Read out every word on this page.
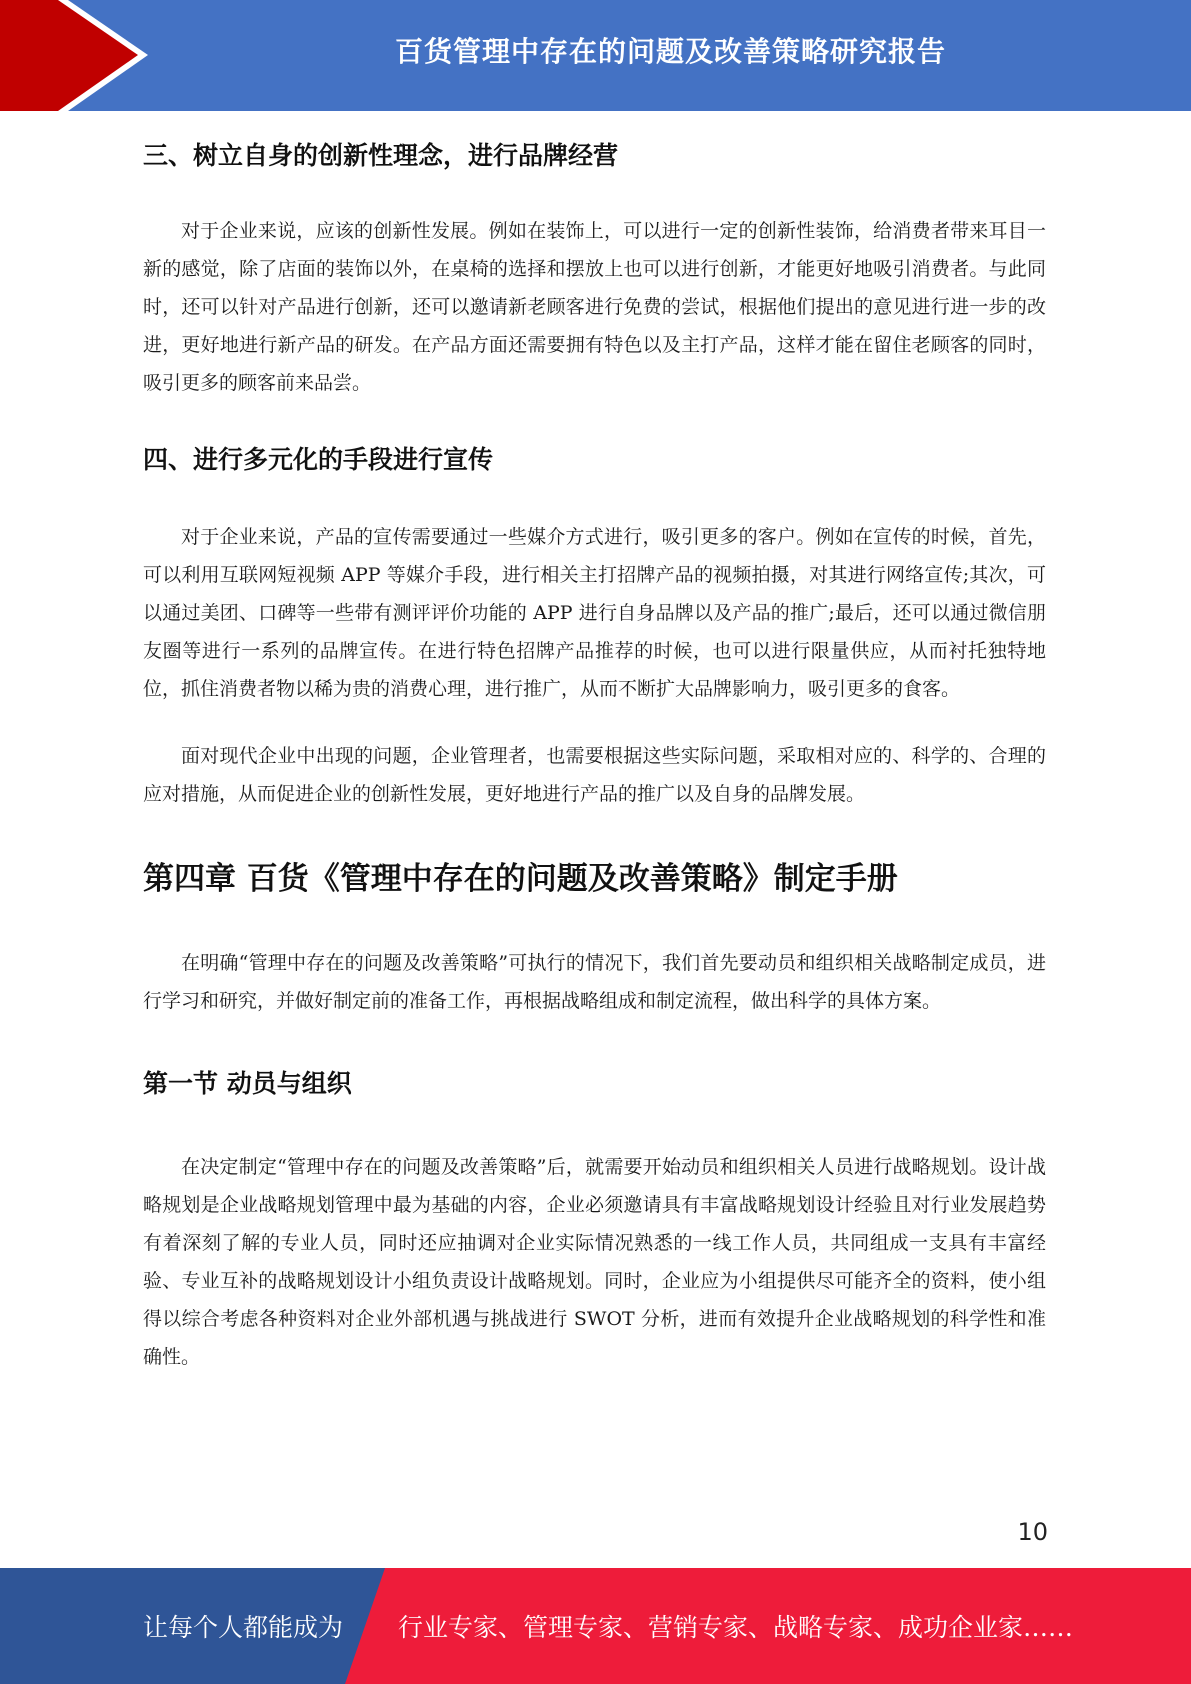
百货管理中存在的问题及改善策略研究报告
三、树立自身的创新性理念，进行品牌经营

对于企业来说，应该的创新性发展。例如在装饰上，可以进行一定的创新性装饰，给消费者带来耳目一新的感觉，除了店面的装饰以外，在桌椅的选择和摆放上也可以进行创新，才能更好地吸引消费者。与此同时，还可以针对产品进行创新，还可以邀请新老顾客进行免费的尝试，根据他们提出的意见进行进一步的改进，更好地进行新产品的研发。在产品方面还需要拥有特色以及主打产品，这样才能在留住老顾客的同时，吸引更多的顾客前来品尝。

四、进行多元化的手段进行宣传

对于企业来说，产品的宣传需要通过一些媒介方式进行，吸引更多的客户。例如在宣传的时候，首先，可以利用互联网短视频 APP 等媒介手段，进行相关主打招牌产品的视频拍摄，对其进行网络宣传;其次，可以通过美团、口碑等一些带有测评评价功能的 APP 进行自身品牌以及产品的推广;最后，还可以通过微信朋友圈等进行一系列的品牌宣传。在进行特色招牌产品推荐的时候，也可以进行限量供应，从而衬托独特地位，抓住消费者物以稀为贵的消费心理，进行推广，从而不断扩大品牌影响力，吸引更多的食客。

面对现代企业中出现的问题，企业管理者，也需要根据这些实际问题，采取相对应的、科学的、合理的应对措施，从而促进企业的创新性发展，更好地进行产品的推广以及自身的品牌发展。

第四章 百货《管理中存在的问题及改善策略》制定手册

在明确“管理中存在的问题及改善策略”可执行的情况下，我们首先要动员和组织相关战略制定成员，进行学习和研究，并做好制定前的准备工作，再根据战略组成和制定流程，做出科学的具体方案。

第一节 动员与组织

在决定制定“管理中存在的问题及改善策略”后，就需要开始动员和组织相关人员进行战略规划。设计战略规划是企业战略规划管理中最为基础的内容，企业必须邀请具有丰富战略规划设计经验且对行业发展趋势有着深刻了解的专业人员，同时还应抽调对企业实际情况熟悉的一线工作人员，共同组成一支具有丰富经验、专业互补的战略规划设计小组负责设计战略规划。同时，企业应为小组提供尽可能齐全的资料，使小组得以综合考虑各种资料对企业外部机遇与挑战进行 SWOT 分析，进而有效提升企业战略规划的科学性和准确性。

10
让每个人都能成为 行业专家、管理专家、营销专家、战略专家、成功企业家……
